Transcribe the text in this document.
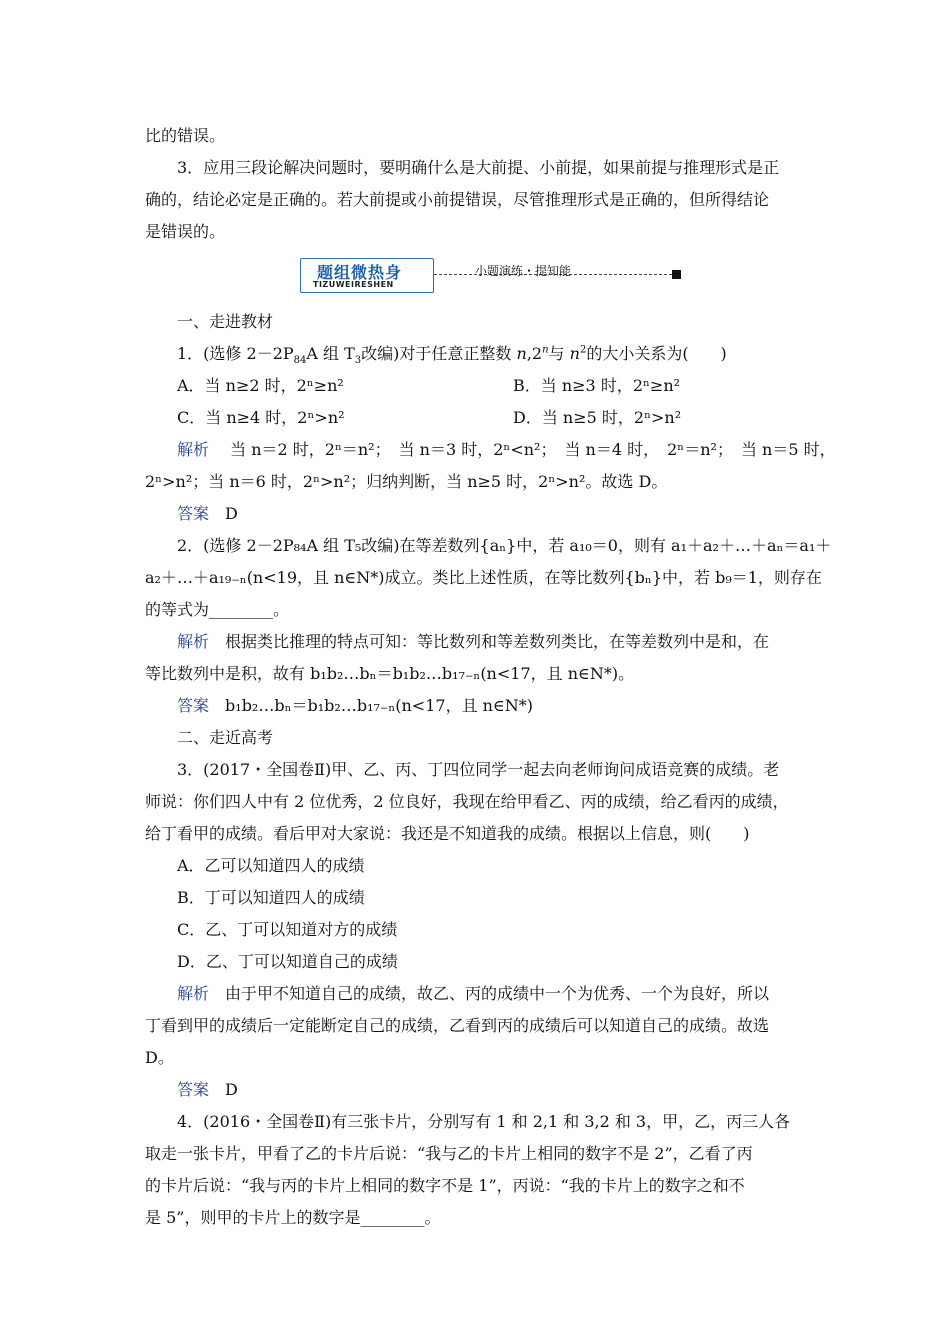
比的错误。
3．应用三段论解决问题时，要明确什么是大前提、小前提，如果前提与推理形式是正
确的，结论必定是正确的。若大前提或小前提错误，尽管推理形式是正确的，但所得结论
是错误的。
题组微热身
TIZUWEIRESHEN
小题演练・提知能
一、走进教材
1．(选修 $2-2P_{84}A$ 组 $T_3$改编)对于任意正整数 n,2$^n$与 $n^2$的大小关系为(　　)
A．当 n≥2 时，2ⁿ≥n²	B．当 n≥3 时，2ⁿ≥n²
C．当 n≥4 时，2ⁿ>n²	D．当 n≥5 时，2ⁿ>n²
解析　 当 n＝2 时，2ⁿ＝n²；　当 n＝3 时，2ⁿ<n²；　当 n＝4 时，　2ⁿ＝n²；　当 n＝5 时，
2ⁿ>n²；当 n＝6 时，2ⁿ>n²；归纳判断，当 n≥5 时，2ⁿ>n²。故选 D。
答案　 D
2．(选修 2－2P₈₄A 组 T₅改编)在等差数列{aₙ}中，若 a₁₀＝0，则有 a₁＋a₂＋…＋aₙ＝a₁＋
a₂＋…＋a₁₉₋ₙ(n<19，且 n∈N*)成立。类比上述性质，在等比数列{bₙ}中，若 b₉＝1，则存在
的等式为________。
解析　 根据类比推理的特点可知：等比数列和等差数列类比，在等差数列中是和，在
等比数列中是积，故有 b₁b₂…bₙ＝b₁b₂…b₁₇₋ₙ(n<17，且 n∈N*)。
答案　 b₁b₂…bₙ＝b₁b₂…b₁₇₋ₙ(n<17，且 n∈N*)
二、走近高考
3．(2017・全国卷Ⅱ)甲、乙、丙、丁四位同学一起去向老师询问成语竞赛的成绩。老
师说：你们四人中有 2 位优秀，2 位良好，我现在给甲看乙、丙的成绩，给乙看丙的成绩，
给丁看甲的成绩。看后甲对大家说：我还是不知道我的成绩。根据以上信息，则(　　)
A．乙可以知道四人的成绩
B．丁可以知道四人的成绩
C．乙、丁可以知道对方的成绩
D．乙、丁可以知道自己的成绩
解析　 由于甲不知道自己的成绩，故乙、丙的成绩中一个为优秀、一个为良好，所以
丁看到甲的成绩后一定能断定自己的成绩，乙看到丙的成绩后可以知道自己的成绩。故选
D。
答案　 D
4．(2016・全国卷Ⅱ)有三张卡片，分别写有 1 和 2,1 和 3,2 和 3，甲，乙，丙三人各
取走一张卡片，甲看了乙的卡片后说：“我与乙的卡片上相同的数字不是 2”，乙看了丙
的卡片后说：“我与丙的卡片上相同的数字不是 1”，丙说：“我的卡片上的数字之和不
是 5”，则甲的卡片上的数字是________。
